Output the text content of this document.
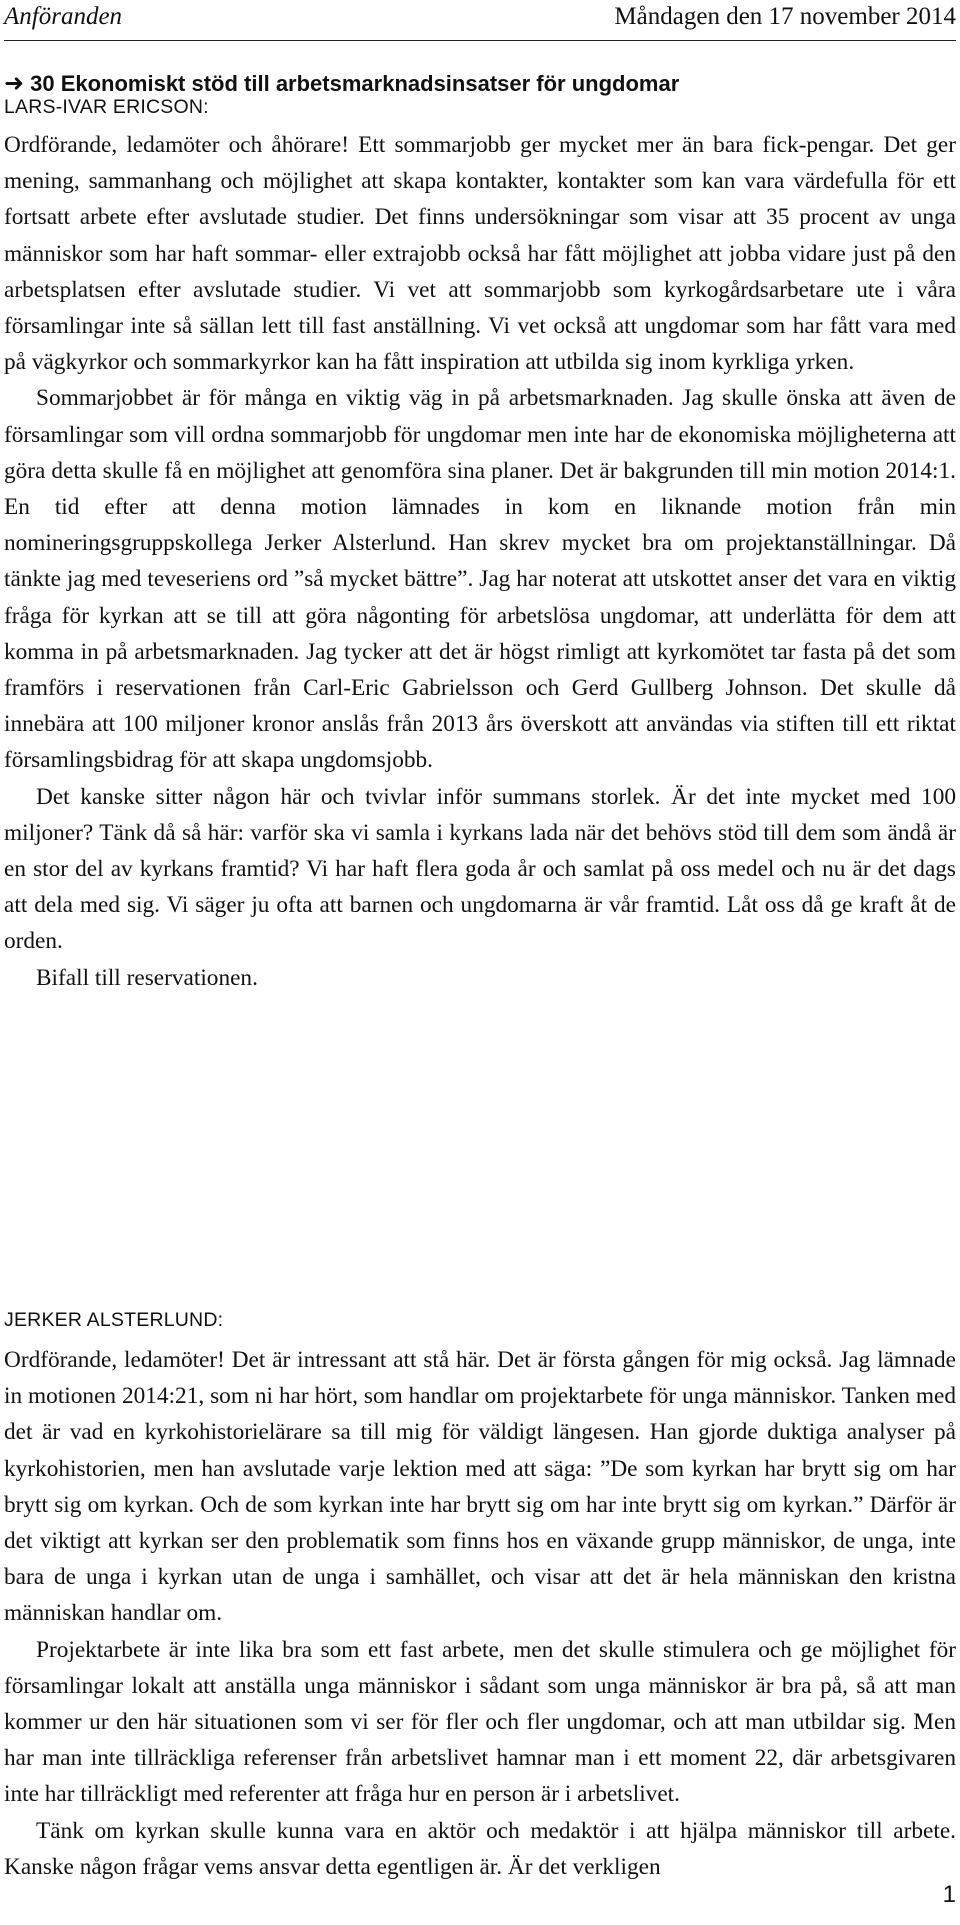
Anföranden	Måndagen den 17 november 2014
➜ 30 Ekonomiskt stöd till arbetsmarknadsinsatser för ungdomar
LARS-IVAR ERICSON:

Ordförande, ledamöter och åhörare! Ett sommarjobb ger mycket mer än bara fick-pengar. Det ger mening, sammanhang och möjlighet att skapa kontakter, kontakter som kan vara värdefulla för ett fortsatt arbete efter avslutade studier. Det finns undersökningar som visar att 35 procent av unga människor som har haft sommar- eller extrajobb också har fått möjlighet att jobba vidare just på den arbetsplatsen efter avslutade studier. Vi vet att sommarjobb som kyrkogårdsarbetare ute i våra församlingar inte så sällan lett till fast anställning. Vi vet också att ungdomar som har fått vara med på vägkyrkor och sommarkyrkor kan ha fått inspiration att utbilda sig inom kyrkliga yrken.

Sommarjobbet är för många en viktig väg in på arbetsmarknaden. Jag skulle önska att även de församlingar som vill ordna sommarjobb för ungdomar men inte har de ekonomiska möjligheterna att göra detta skulle få en möjlighet att genomföra sina planer. Det är bakgrunden till min motion 2014:1. En tid efter att denna motion lämnades in kom en liknande motion från min nomineringsgruppskollega Jerker Alsterlund. Han skrev mycket bra om projektanställningar. Då tänkte jag med teveseriens ord ”så mycket bättre”. Jag har noterat att utskottet anser det vara en viktig fråga för kyrkan att se till att göra någonting för arbetslösa ungdomar, att underlätta för dem att komma in på arbetsmarknaden. Jag tycker att det är högst rimligt att kyrkomötet tar fasta på det som framförs i reservationen från Carl-Eric Gabrielsson och Gerd Gullberg Johnson. Det skulle då innebära att 100 miljoner kronor anslås från 2013 års överskott att användas via stiften till ett riktat församlingsbidrag för att skapa ungdomsjobb.

Det kanske sitter någon här och tvivlar inför summans storlek. Är det inte mycket med 100 miljoner? Tänk då så här: varför ska vi samla i kyrkans lada när det behövs stöd till dem som ändå är en stor del av kyrkans framtid? Vi har haft flera goda år och samlat på oss medel och nu är det dags att dela med sig. Vi säger ju ofta att barnen och ungdomarna är vår framtid. Låt oss då ge kraft åt de orden.

Bifall till reservationen.

JERKER ALSTERLUND:

Ordförande, ledamöter! Det är intressant att stå här. Det är första gången för mig också. Jag lämnade in motionen 2014:21, som ni har hört, som handlar om projektarbete för unga människor. Tanken med det är vad en kyrkohistorielärare sa till mig för väldigt längesen. Han gjorde duktiga analyser på kyrkohistorien, men han avslutade varje lektion med att säga: ”De som kyrkan har brytt sig om har brytt sig om kyrkan. Och de som kyrkan inte har brytt sig om har inte brytt sig om kyrkan.” Därför är det viktigt att kyrkan ser den problematik som finns hos en växande grupp människor, de unga, inte bara de unga i kyrkan utan de unga i samhället, och visar att det är hela människan den kristna människan handlar om.

Projektarbete är inte lika bra som ett fast arbete, men det skulle stimulera och ge möjlighet för församlingar lokalt att anställa unga människor i sådant som unga människor är bra på, så att man kommer ur den här situationen som vi ser för fler och fler ungdomar, och att man utbildar sig. Men har man inte tillräckliga referenser från arbetslivet hamnar man i ett moment 22, där arbetsgivaren inte har tillräckligt med referenter att fråga hur en person är i arbetslivet.

Tänk om kyrkan skulle kunna vara en aktör och medaktör i att hjälpa människor till arbete. Kanske någon frågar vems ansvar detta egentligen är. Är det verkligen

1
